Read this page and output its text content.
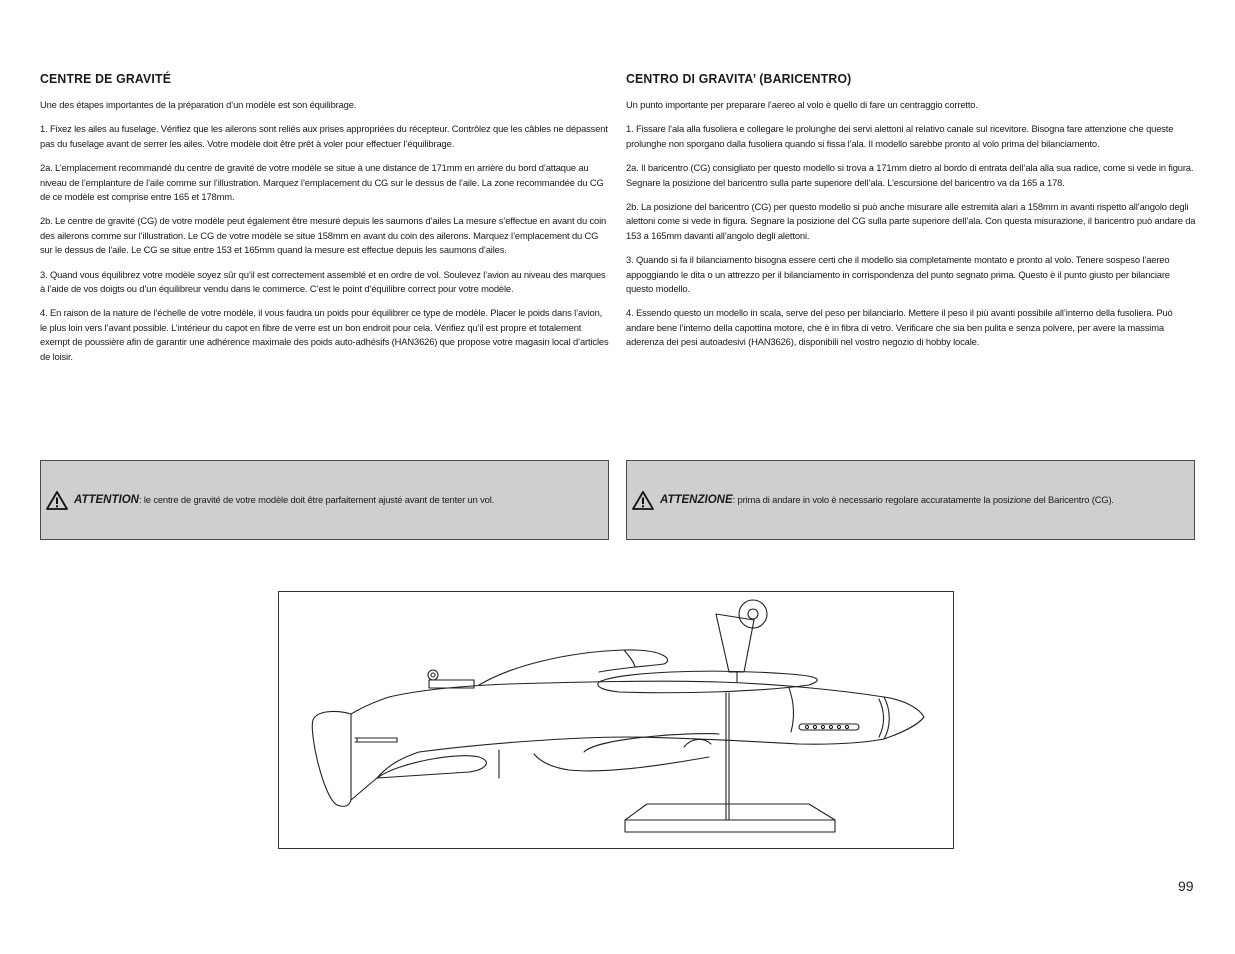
CENTRE DE GRAVITÉ

Une des étapes importantes de la préparation d’un modèle est son équilibrage.

1. Fixez les ailes au fuselage. Vérifiez que les ailerons sont reliés aux prises appropriées du récepteur. Contrôlez que les câbles ne dépassent pas du fuselage avant de serrer les ailes. Votre modèle doit être prêt à voler pour effectuer l’équilibrage.

2a. L’emplacement recommandé du centre de gravité de votre modèle se situe à une distance de 171mm en arrière du bord d’attaque au niveau de l’emplanture de l’aile comme sur l’illustration. Marquez l’emplacement du CG sur le dessus de l’aile. La zone recommandée du CG de ce modèle est comprise entre 165 et 178mm.

2b. Le centre de gravité (CG) de votre modèle peut également être mesuré depuis les saumons d’ailes La mesure s’effectue en avant du coin des ailerons comme sur l’illustration. Le CG de votre modèle se situe 158mm en avant du coin des ailerons. Marquez l’emplacement du CG sur le dessus de l’aile. Le CG se situe entre 153 et 165mm quand la mesure est effectue depuis les saumons d’ailes.

3. Quand vous équilibrez votre modèle soyez sûr qu’il est correctement assemblé et en ordre de vol. Soulevez l’avion au niveau des marques à l’aide de vos doigts ou d’un équilibreur vendu dans le commerce. C’est le point d’équilibre correct pour votre modèle.

4. En raison de la nature de l’échelle de votre modèle, il vous faudra un poids pour équilibrer ce type de modèle. Placer le poids dans l’avion, le plus loin vers l’avant possible. L’intérieur du capot en fibre de verre est un bon endroit pour cela. Vérifiez qu’il est propre et totalement exempt de poussière afin de garantir une adhérence maximale des poids auto-adhésifs (HAN3626) que propose votre magasin local d’articles de loisir.

CENTRO DI GRAVITA’ (BARICENTRO)

Un punto importante per preparare l’aereo al volo è quello di fare un centraggio corretto.

1. Fissare l’ala alla fusoliera e collegare le prolunghe dei servi alettoni al relativo canale sul ricevitore. Bisogna fare attenzione che queste prolunghe non sporgano dalla fusoliera quando si fissa l’ala. Il modello sarebbe pronto al volo prima del bilanciamento.

2a. Il baricentro (CG) consigliato per questo modello si trova a 171mm dietro al bordo di entrata dell’ala alla sua radice, come si vede in figura. Segnare la posizione del baricentro sulla parte superiore dell’ala. L’escursione del baricentro va da 165 a 178.

2b. La posizione del baricentro (CG) per questo modello si può anche misurare alle estremità alari a 158mm in avanti rispetto all’angolo degli alettoni come si vede in figura. Segnare la posizione del CG sulla parte superiore dell’ala. Con questa misurazione, il baricentro può andare da 153 a 165mm davanti all’angolo degli alettoni.

3. Quando si fa il bilanciamento bisogna essere certi che il modello sia completamente montato e pronto al volo. Tenere sospeso l’aereo appoggiando le dita o un attrezzo per il bilanciamento in corrispondenza del punto segnato prima. Questo è il punto giusto per bilanciare questo modello.

4. Essendo questo un modello in scala, serve del peso per bilanciarlo. Mettere il peso il più avanti possibile all’interno della fusoliera. Può andare bene l’interno della capottina motore, che è in fibra di vetro. Verificare che sia ben pulita e senza polvere, per avere la massima aderenza dei pesi autoadesivi (HAN3626), disponibili nel vostro negozio di hobby locale.

ATTENTION: le centre de gravité de votre modèle doit être parfaitement ajusté avant de tenter un vol.	ATTENZIONE: prima di andare in volo è necessario regolare accuratamente la posizione del Baricentro (CG).
99
